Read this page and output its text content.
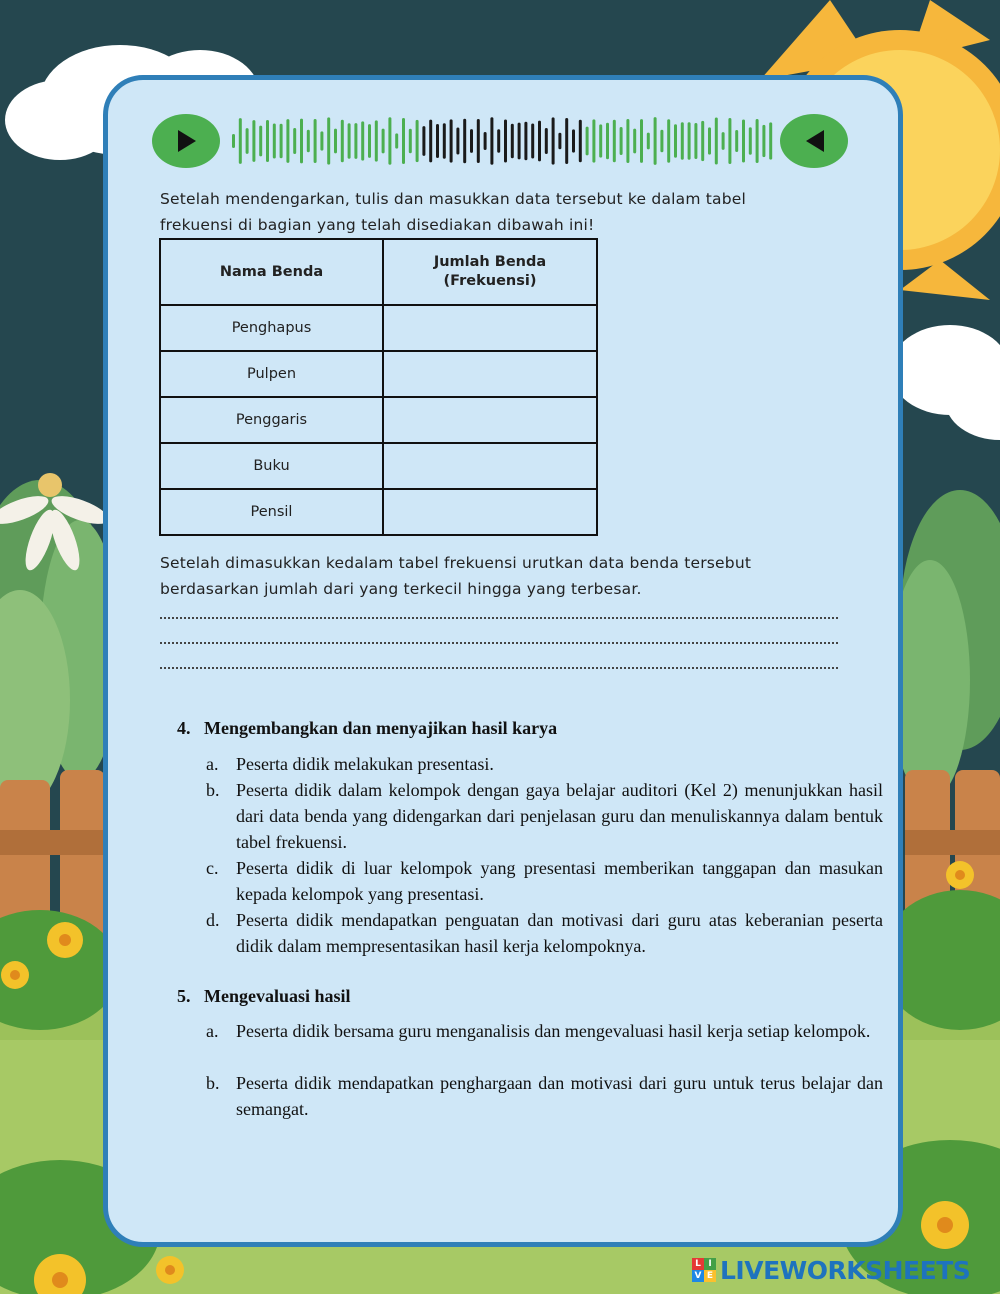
Setelah mendengarkan, tulis dan masukkan data tersebut ke dalam tabel
frekuensi di bagian yang telah disediakan dibawah ini!
Nama Benda	Jumlah Benda
(Frekuensi)

Penghapus	
Pulpen	
Penggaris	
Buku	
Pensil	
Setelah dimasukkan kedalam tabel frekuensi urutkan data benda tersebut
berdasarkan jumlah dari yang terkecil hingga yang terbesar.
4.   Mengembangkan dan menyajikan hasil karya
a. Peserta didik melakukan presentasi.
b. Peserta didik dalam kelompok dengan gaya belajar auditori (Kel 2) menunjukkan hasil dari data benda yang didengarkan dari penjelasan guru dan menuliskannya dalam bentuk tabel frekuensi.
c. Peserta didik di luar kelompok yang presentasi memberikan tanggapan dan masukan kepada kelompok yang presentasi.
d. Peserta didik mendapatkan penguatan dan motivasi dari guru atas keberanian peserta didik dalam mempresentasikan hasil kerja kelompoknya.
5.   Mengevaluasi hasil
a. Peserta didik bersama guru menganalisis dan mengevaluasi hasil kerja setiap kelompok.
b. Peserta didik mendapatkan penghargaan dan motivasi dari guru untuk terus belajar dan semangat.
L I
V E LIVEWORKSHEETS
